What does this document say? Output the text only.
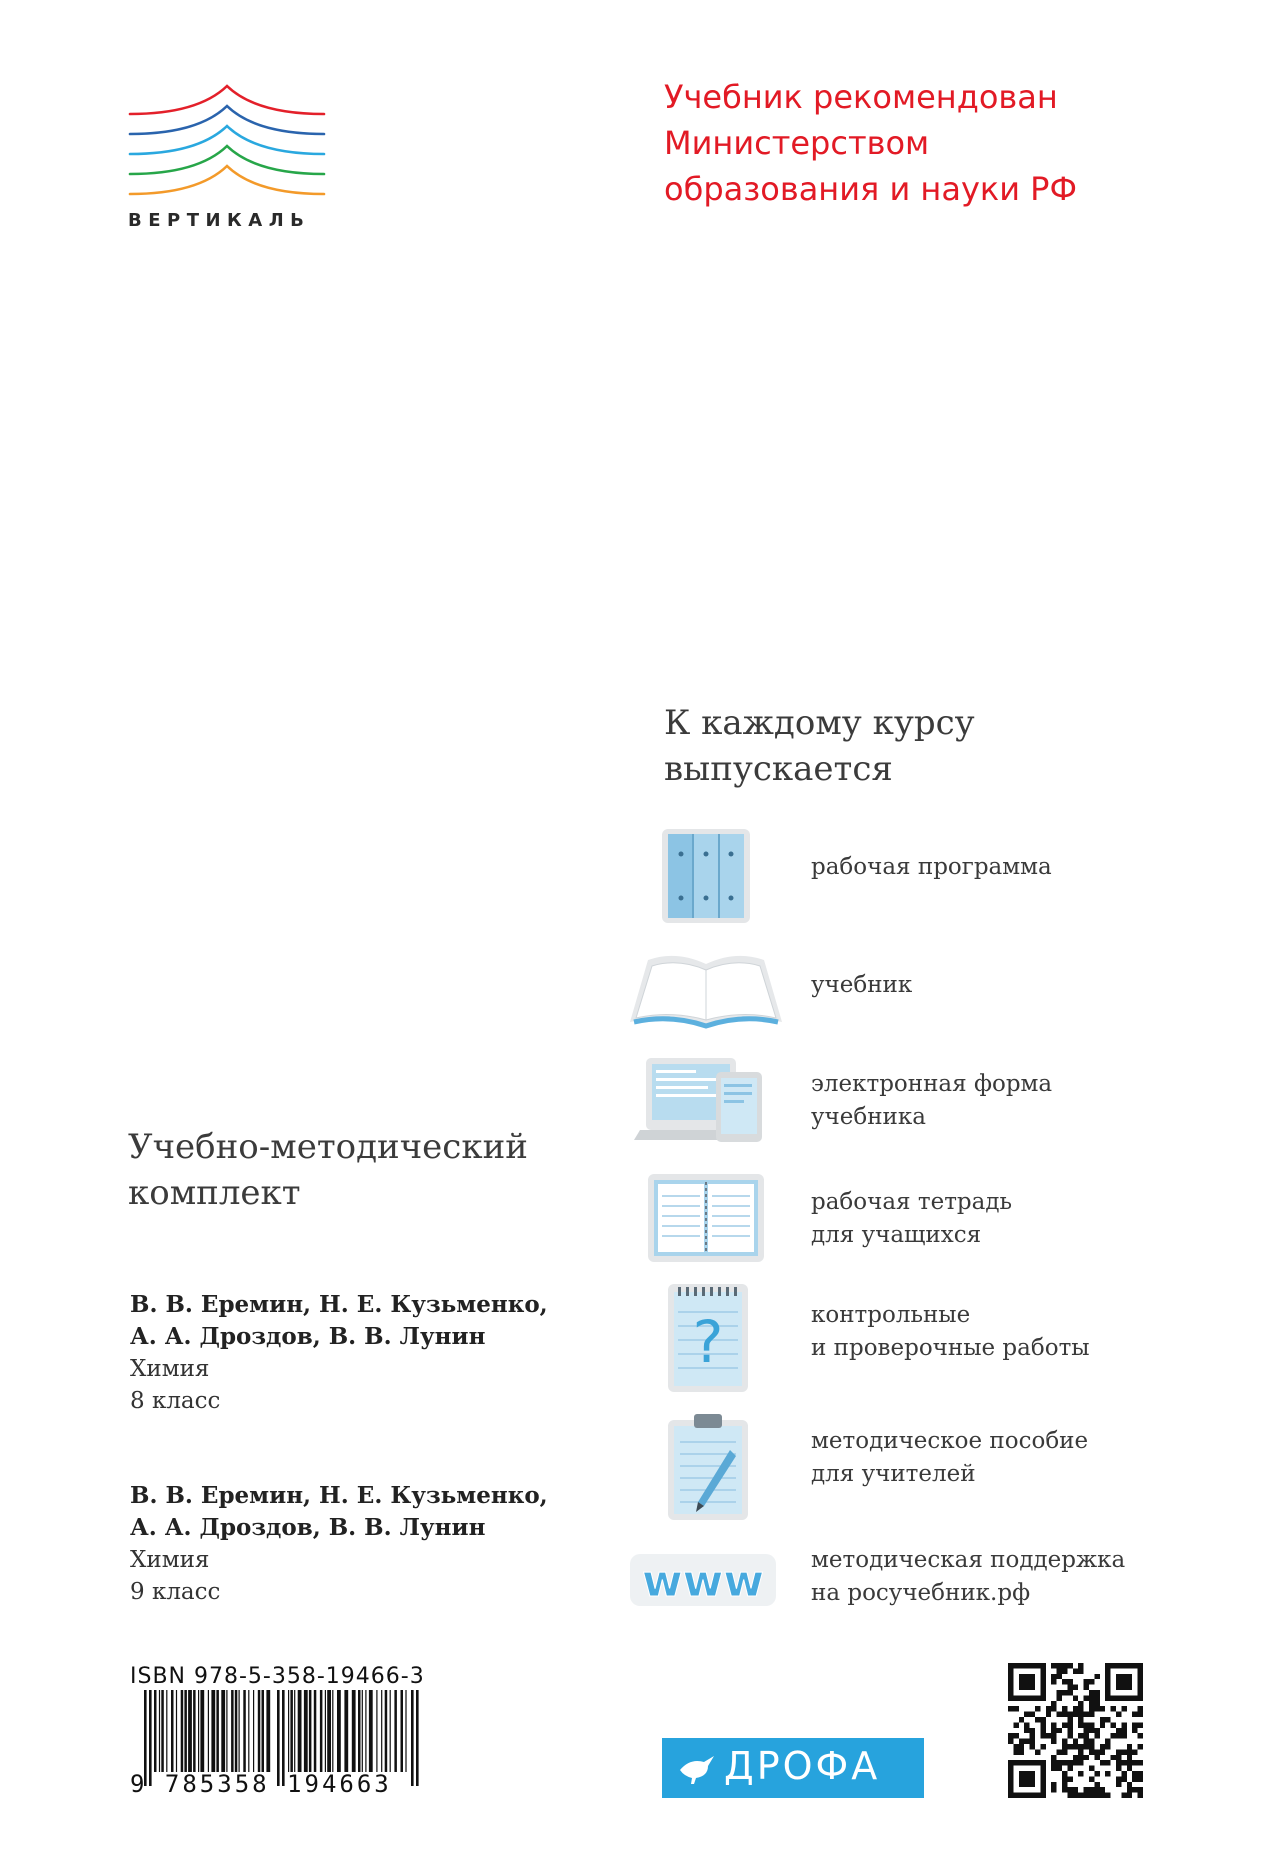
ВЕРТИКАЛЬ
Учебник рекомендован
Министерством
образования и науки РФ
К каждому курсу
выпускается
рабочая программа
учебник
электронная форма
учебника
рабочая тетрадь
для учащихся
?	контрольные
и проверочные работы
методическое пособие
для учителей
www методическая поддержка
на росучебник.рф
Учебно-методический
комплект
В. В. Еремин, Н. Е. Кузьменко,
А. А. Дроздов, В. В. Лунин
Химия
8 класс
В. В. Еремин, Н. Е. Кузьменко,
А. А. Дроздов, В. В. Лунин
Химия
9 класс
ISBN 978-5-358-19466-3
9 785358 194663	ДРОФА
